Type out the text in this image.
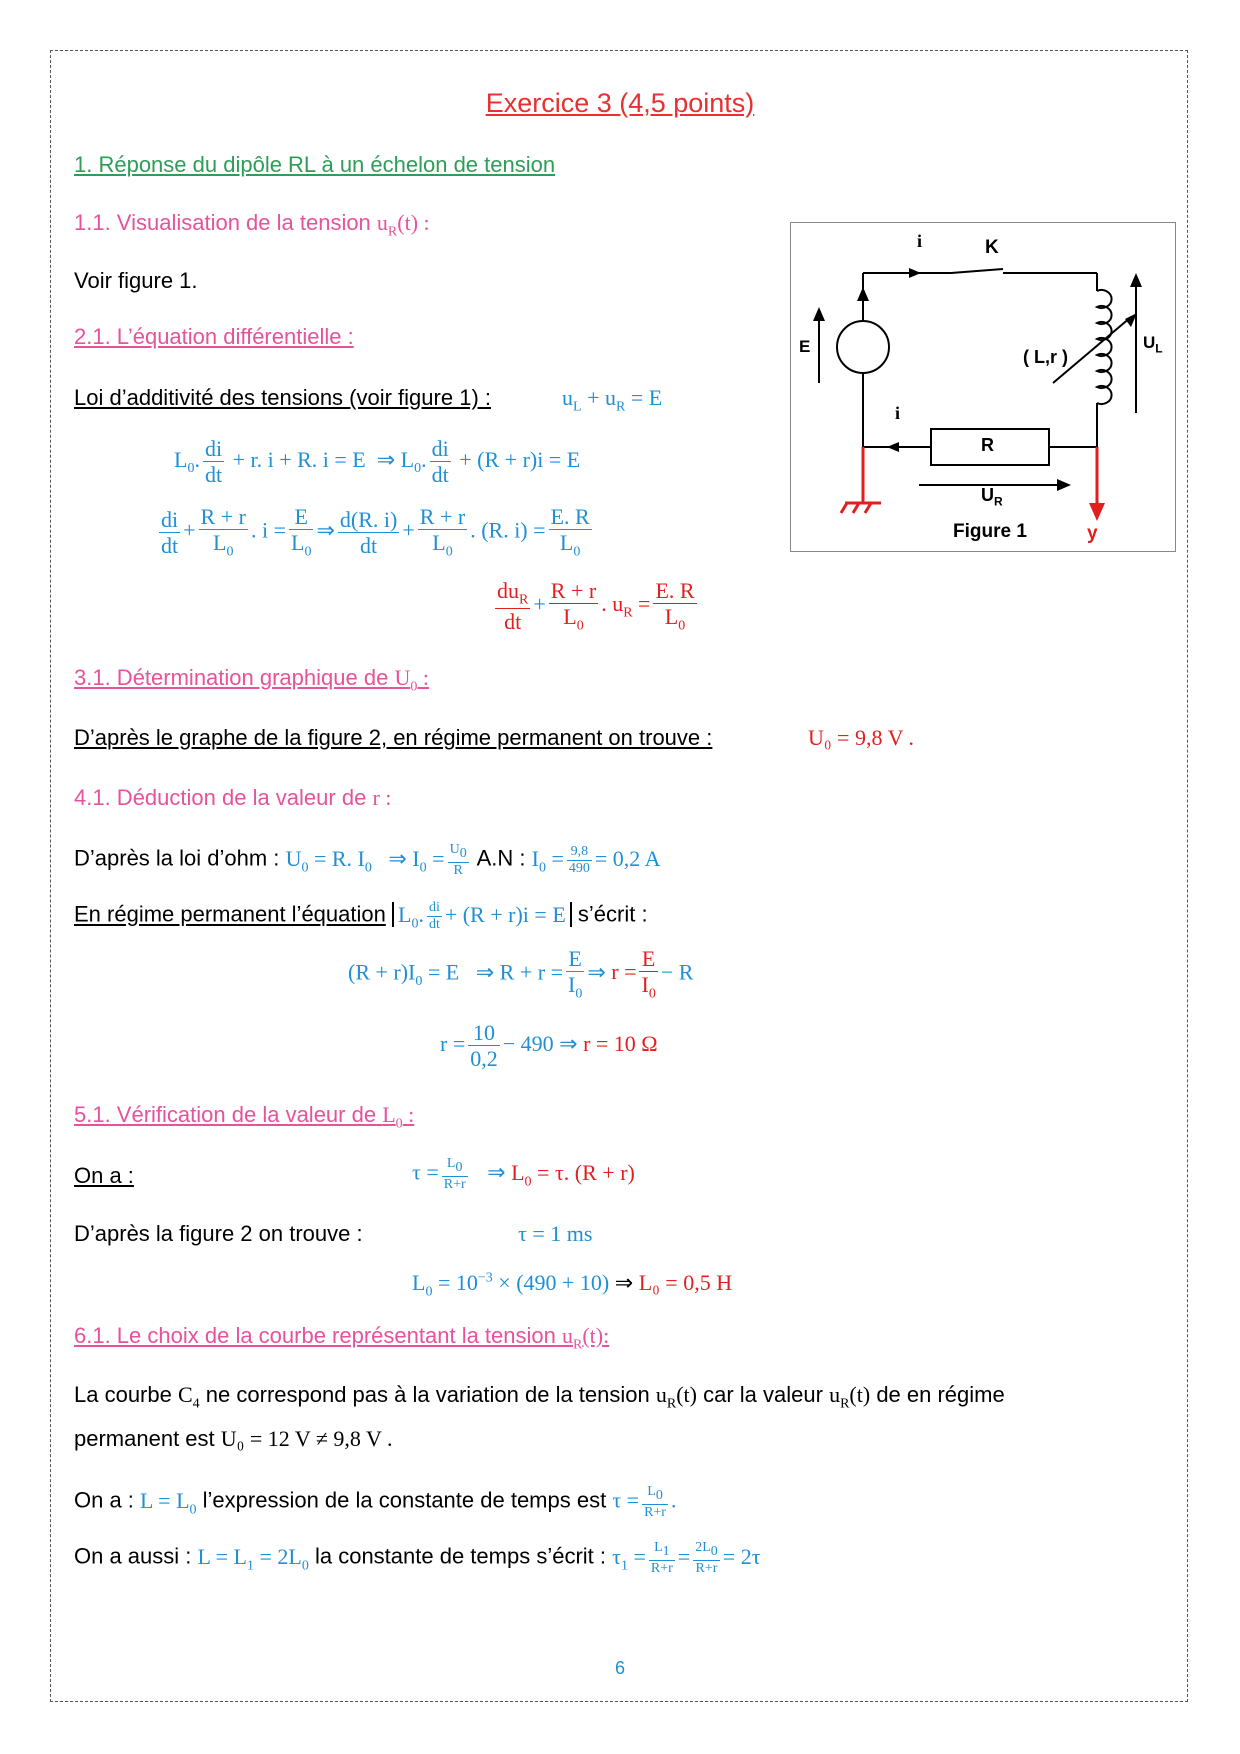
Exercice 3 (4,5 points)
1. Réponse du dipôle RL à un échelon de tension
1.1. Visualisation de la tension $u_R(t)$ :
Voir figure 1.
2.1. L’équation différentielle :
Loi d’additivité des tensions (voir figure 1) :	$u_L + u_R = E$
$L_0$. $\frac{di}{dt} + r$. i + R. i = E  ⇒ $L_0$. $\frac{di}{dt} + (R + r)i = E$
$\frac{di}{dt} + \frac{R + r}{L_0}$ . $i = \frac{E}{L_0}$ ⇒ $\frac{d(R. i)}{dt} + \frac{R + r}{L_0}$ . (R. $i) = \frac{E. R}{L_0}$
$\frac{du_R}{dt} + \frac{R + r}{L_0}$ . $u_R = \frac{E. R}{L_0}$
3.1. Détermination graphique de $U_0$ :
D’après le graphe de la figure 2, en régime permanent on trouve :	U₀ = 9,8 V .
4.1. Déduction de la valeur de r :
D’après la loi d’ohm : $U_0 = R$. $I_0$   ⇒ $I_0 = \frac{U_0}{R} A.N$ : $I_0 = \frac{9,8}{490} = 0,2$ A
En régime permanent l’équation $L_0$. $\frac{di}{dt} + (R + r)i = E$ s’écrit :
$(R + r)I_0 = E$   ⇒ $R + r = \frac{E}{I_0}$ ⇒ $r = \frac{E}{I_0} - R$
$r = \frac{10}{0,2} - 490$ ⇒ r = 10 Ω
5.1. Vérification de la valeur de $L_0$ :
On a :	$\tau = \frac{L_0}{R+r}$ ⇒ $L_0 = \tau$. (R + r)
D’après la figure 2 on trouve :	τ = 1 ms
$L_0 = 10^{-3} \times (490 + 10)$ ⇒ L₀ = 0,5 H
6.1. Le choix de la courbe représentant la tension $u_R(t)$:
La courbe $C_4$ ne correspond pas à la variation de la tension $u_R(t)$ car la valeur $u_R(t)$ de en régime
permanent est U₀ = 12 V ≠ 9,8 V .
On a : $L = L_0$ l’expression de la constante de temps est $\tau = \frac{L_0}{R+r}$ .
On a aussi : $L = L_1 = 2L_0$ la constante de temps s’écrit : $\tau_1 = \frac{L_1}{R+r} = \frac{2L_0}{R+r} = 2\tau$
i	K
E
( L,r )
$U_L$
i
R
$U_R$
Figure 1	y
6
